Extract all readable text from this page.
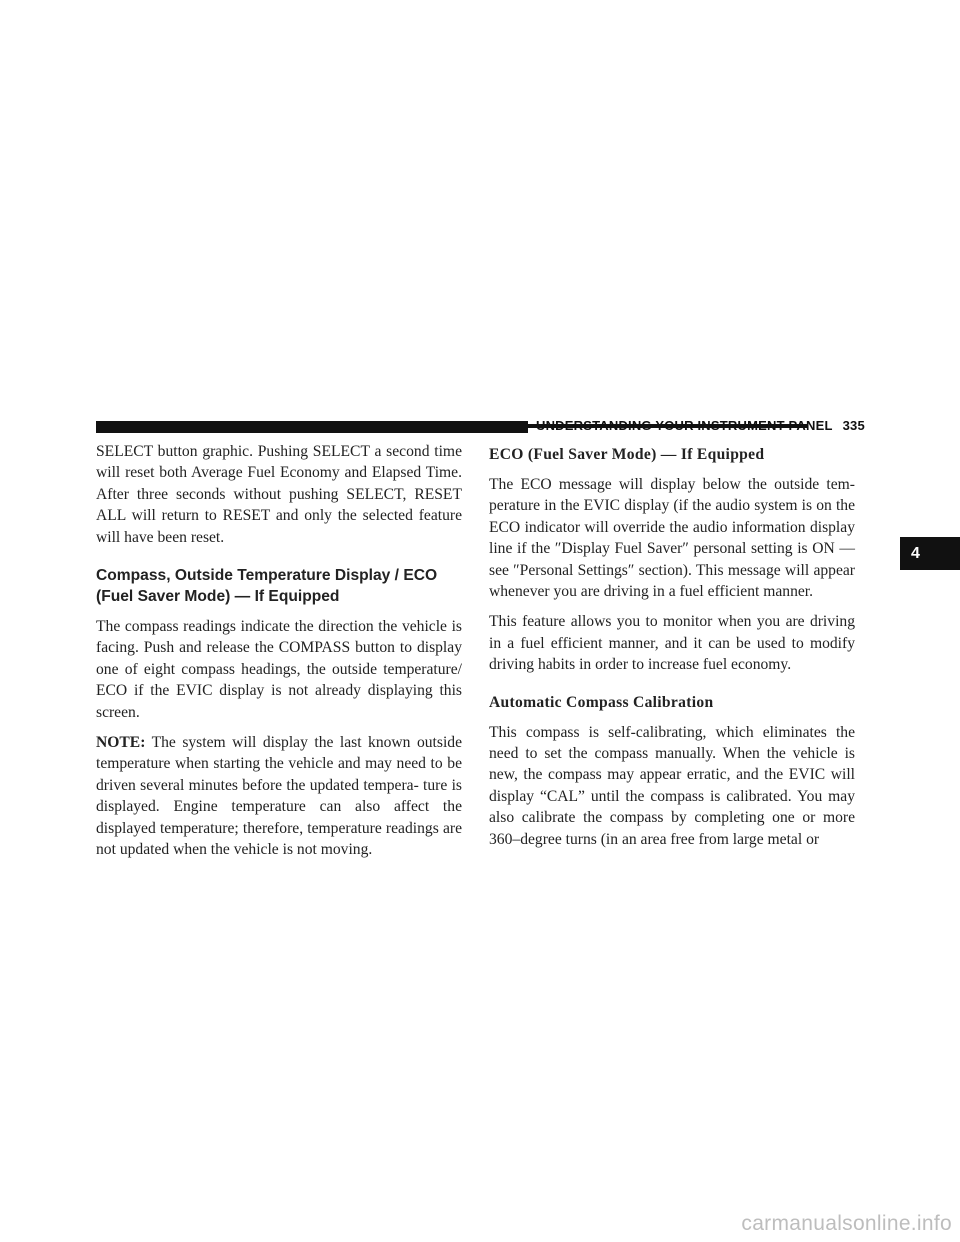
UNDERSTANDING YOUR INSTRUMENT PANEL 335
4

SELECT button graphic. Pushing SELECT a second time will reset both Average Fuel Economy and Elapsed Time. After three seconds without pushing SELECT, RESET ALL will return to RESET and only the selected feature will have been reset.

Compass, Outside Temperature Display / ECO (Fuel Saver Mode) — If Equipped

The compass readings indicate the direction the vehicle is facing. Push and release the COMPASS button to display one of eight compass headings, the outside temperature/ ECO if the EVIC display is not already displaying this screen.

NOTE: The system will display the last known outside temperature when starting the vehicle and may need to be driven several minutes before the updated tempera- ture is displayed. Engine temperature can also affect the displayed temperature; therefore, temperature readings are not updated when the vehicle is not moving.

ECO (Fuel Saver Mode) — If Equipped

The ECO message will display below the outside tem- perature in the EVIC display (if the audio system is on the ECO indicator will override the audio information display line if the ″Display Fuel Saver″ personal setting is ON — see ″Personal Settings″ section). This message will appear whenever you are driving in a fuel efficient manner.

This feature allows you to monitor when you are driving in a fuel efficient manner, and it can be used to modify driving habits in order to increase fuel economy.

Automatic Compass Calibration

This compass is self-calibrating, which eliminates the need to set the compass manually. When the vehicle is new, the compass may appear erratic, and the EVIC will display “CAL” until the compass is calibrated. You may also calibrate the compass by completing one or more 360–degree turns (in an area free from large metal or

carmanualsonline.info
